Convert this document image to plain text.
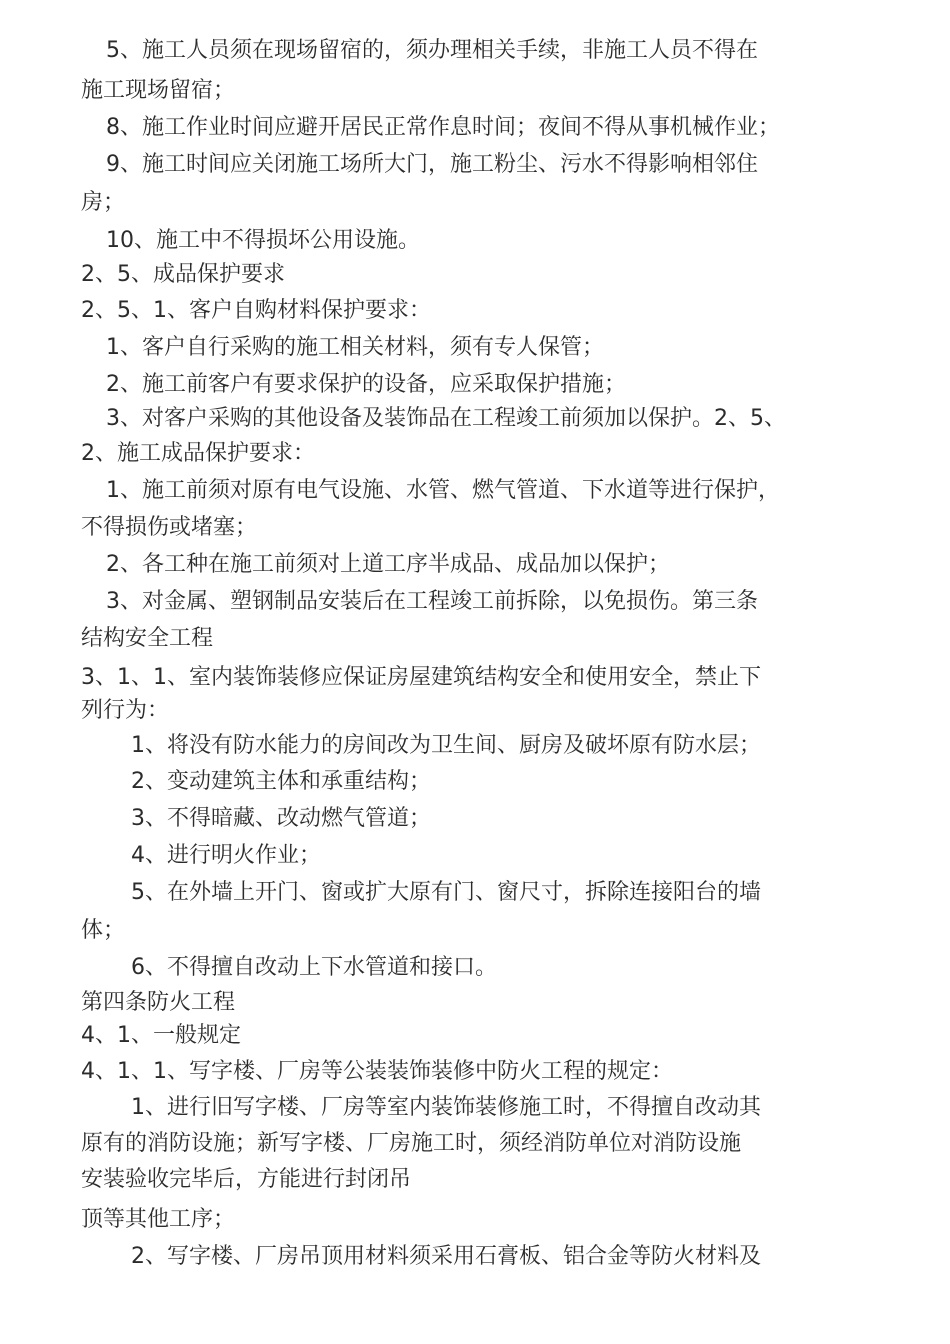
5、施工人员须在现场留宿的，须办理相关手续，非施工人员不得在
施工现场留宿；
8、施工作业时间应避开居民正常作息时间；夜间不得从事机械作业；
9、施工时间应关闭施工场所大门，施工粉尘、污水不得影响相邻住
房；
10、施工中不得损坏公用设施。
2、5、成品保护要求
2、5、1、客户自购材料保护要求：
1、客户自行采购的施工相关材料，须有专人保管；
2、施工前客户有要求保护的设备，应采取保护措施；
3、对客户采购的其他设备及装饰品在工程竣工前须加以保护。2、5、
2、施工成品保护要求：
1、施工前须对原有电气设施、水管、燃气管道、下水道等进行保护，
不得损伤或堵塞；
2、各工种在施工前须对上道工序半成品、成品加以保护；
3、对金属、塑钢制品安装后在工程竣工前拆除，以免损伤。第三条
结构安全工程
3、1、1、室内装饰装修应保证房屋建筑结构安全和使用安全，禁止下
列行为：
1、将没有防水能力的房间改为卫生间、厨房及破坏原有防水层；
2、变动建筑主体和承重结构；
3、不得暗藏、改动燃气管道；
4、进行明火作业；
5、在外墙上开门、窗或扩大原有门、窗尺寸，拆除连接阳台的墙
体；
6、不得擅自改动上下水管道和接口。
第四条防火工程
4、1、一般规定
4、1、1、写字楼、厂房等公装装饰装修中防火工程的规定：
1、进行旧写字楼、厂房等室内装饰装修施工时，不得擅自改动其
原有的消防设施；新写字楼、厂房施工时，须经消防单位对消防设施
安装验收完毕后，方能进行封闭吊
顶等其他工序；
2、写字楼、厂房吊顶用材料须采用石膏板、铝合金等防火材料及
